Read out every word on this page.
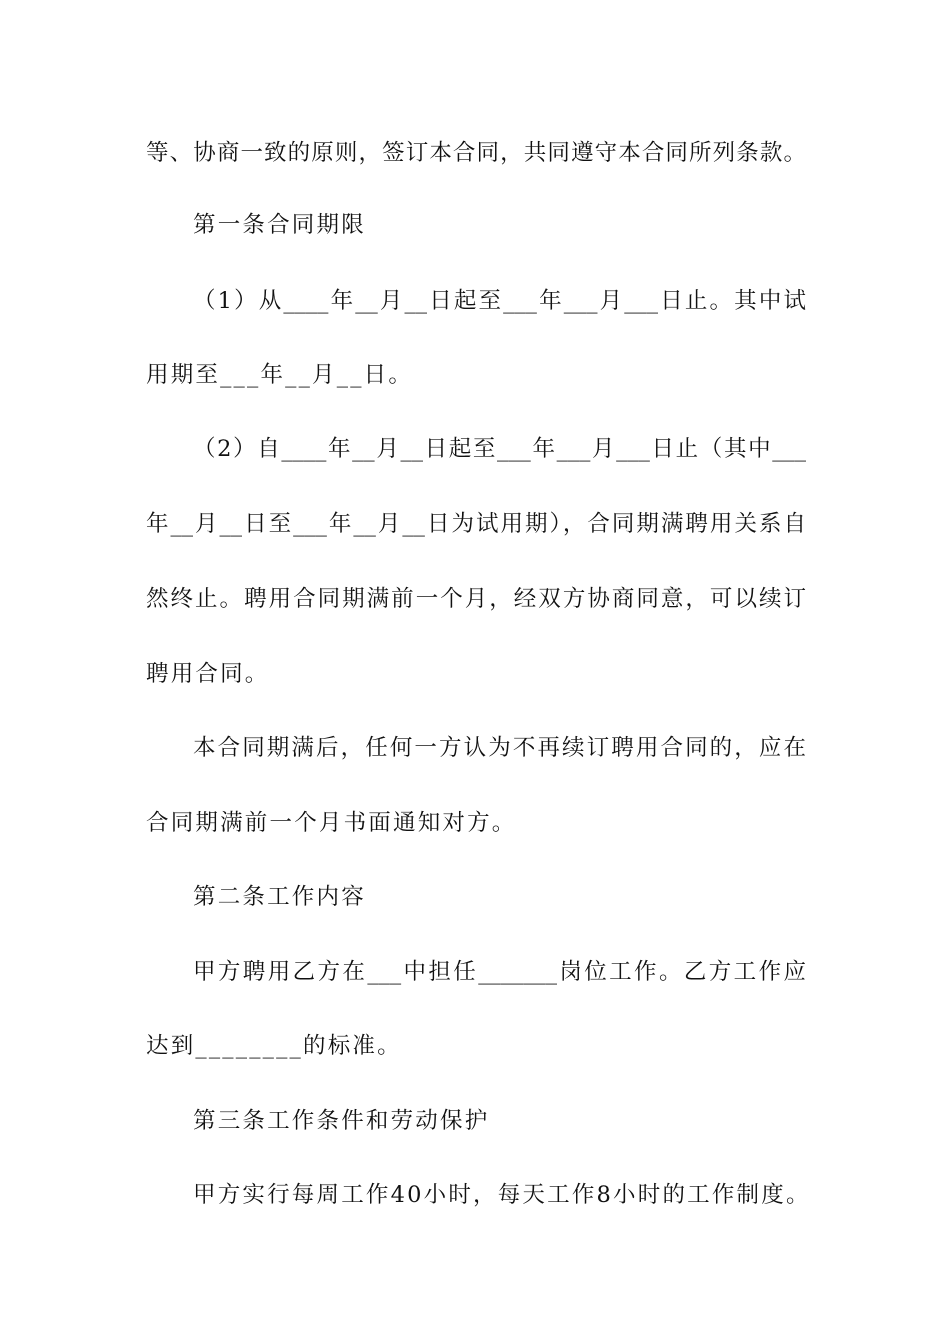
等、协商一致的原则，签订本合同，共同遵守本合同所列条款。
第一条合同期限
（1）从____年__月__日起至___年___月___日止。其中试
用期至___年__月__日。
（2）自____年__月__日起至___年___月___日止（其中___
年__月__日至___年__月__日为试用期），合同期满聘用关系自
然终止。聘用合同期满前一个月，经双方协商同意，可以续订
聘用合同。
本合同期满后，任何一方认为不再续订聘用合同的，应在
合同期满前一个月书面通知对方。
第二条工作内容
甲方聘用乙方在___中担任_______岗位工作。乙方工作应
达到________的标准。
第三条工作条件和劳动保护
甲方实行每周工作40小时，每天工作8小时的工作制度。
